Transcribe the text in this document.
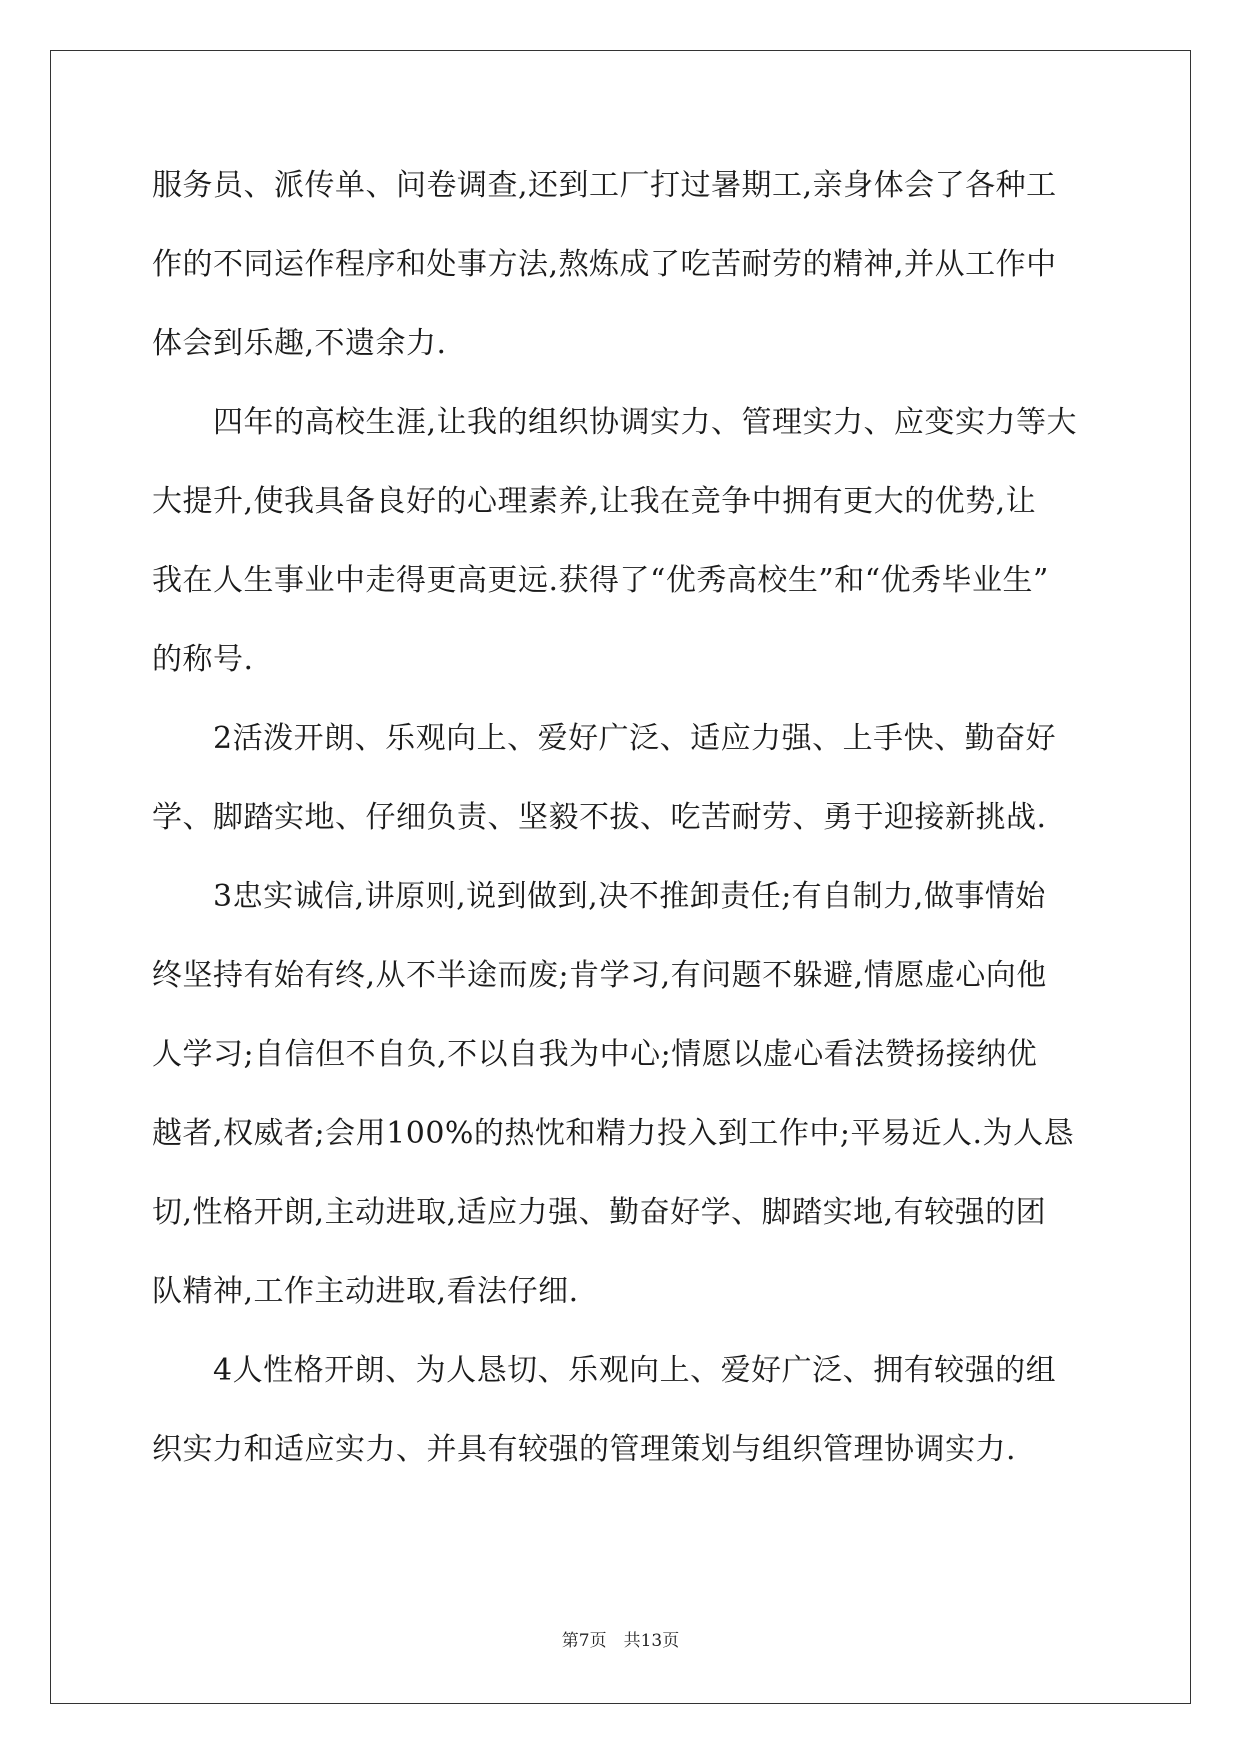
服务员、派传单、问卷调查,还到工厂打过暑期工,亲身体会了各种工
作的不同运作程序和处事方法,熬炼成了吃苦耐劳的精神,并从工作中
体会到乐趣,不遗余力.
　　四年的高校生涯,让我的组织协调实力、管理实力、应变实力等大
大提升,使我具备良好的心理素养,让我在竞争中拥有更大的优势,让
我在人生事业中走得更高更远.获得了“优秀高校生”和“优秀毕业生”
的称号.
　　2活泼开朗、乐观向上、爱好广泛、适应力强、上手快、勤奋好
学、脚踏实地、仔细负责、坚毅不拔、吃苦耐劳、勇于迎接新挑战.
　　3忠实诚信,讲原则,说到做到,决不推卸责任;有自制力,做事情始
终坚持有始有终,从不半途而废;肯学习,有问题不躲避,情愿虚心向他
人学习;自信但不自负,不以自我为中心;情愿以虚心看法赞扬接纳优
越者,权威者;会用100%的热忱和精力投入到工作中;平易近人.为人恳
切,性格开朗,主动进取,适应力强、勤奋好学、脚踏实地,有较强的团
队精神,工作主动进取,看法仔细.
　　4人性格开朗、为人恳切、乐观向上、爱好广泛、拥有较强的组
织实力和适应实力、并具有较强的管理策划与组织管理协调实力.
第7页　共13页
